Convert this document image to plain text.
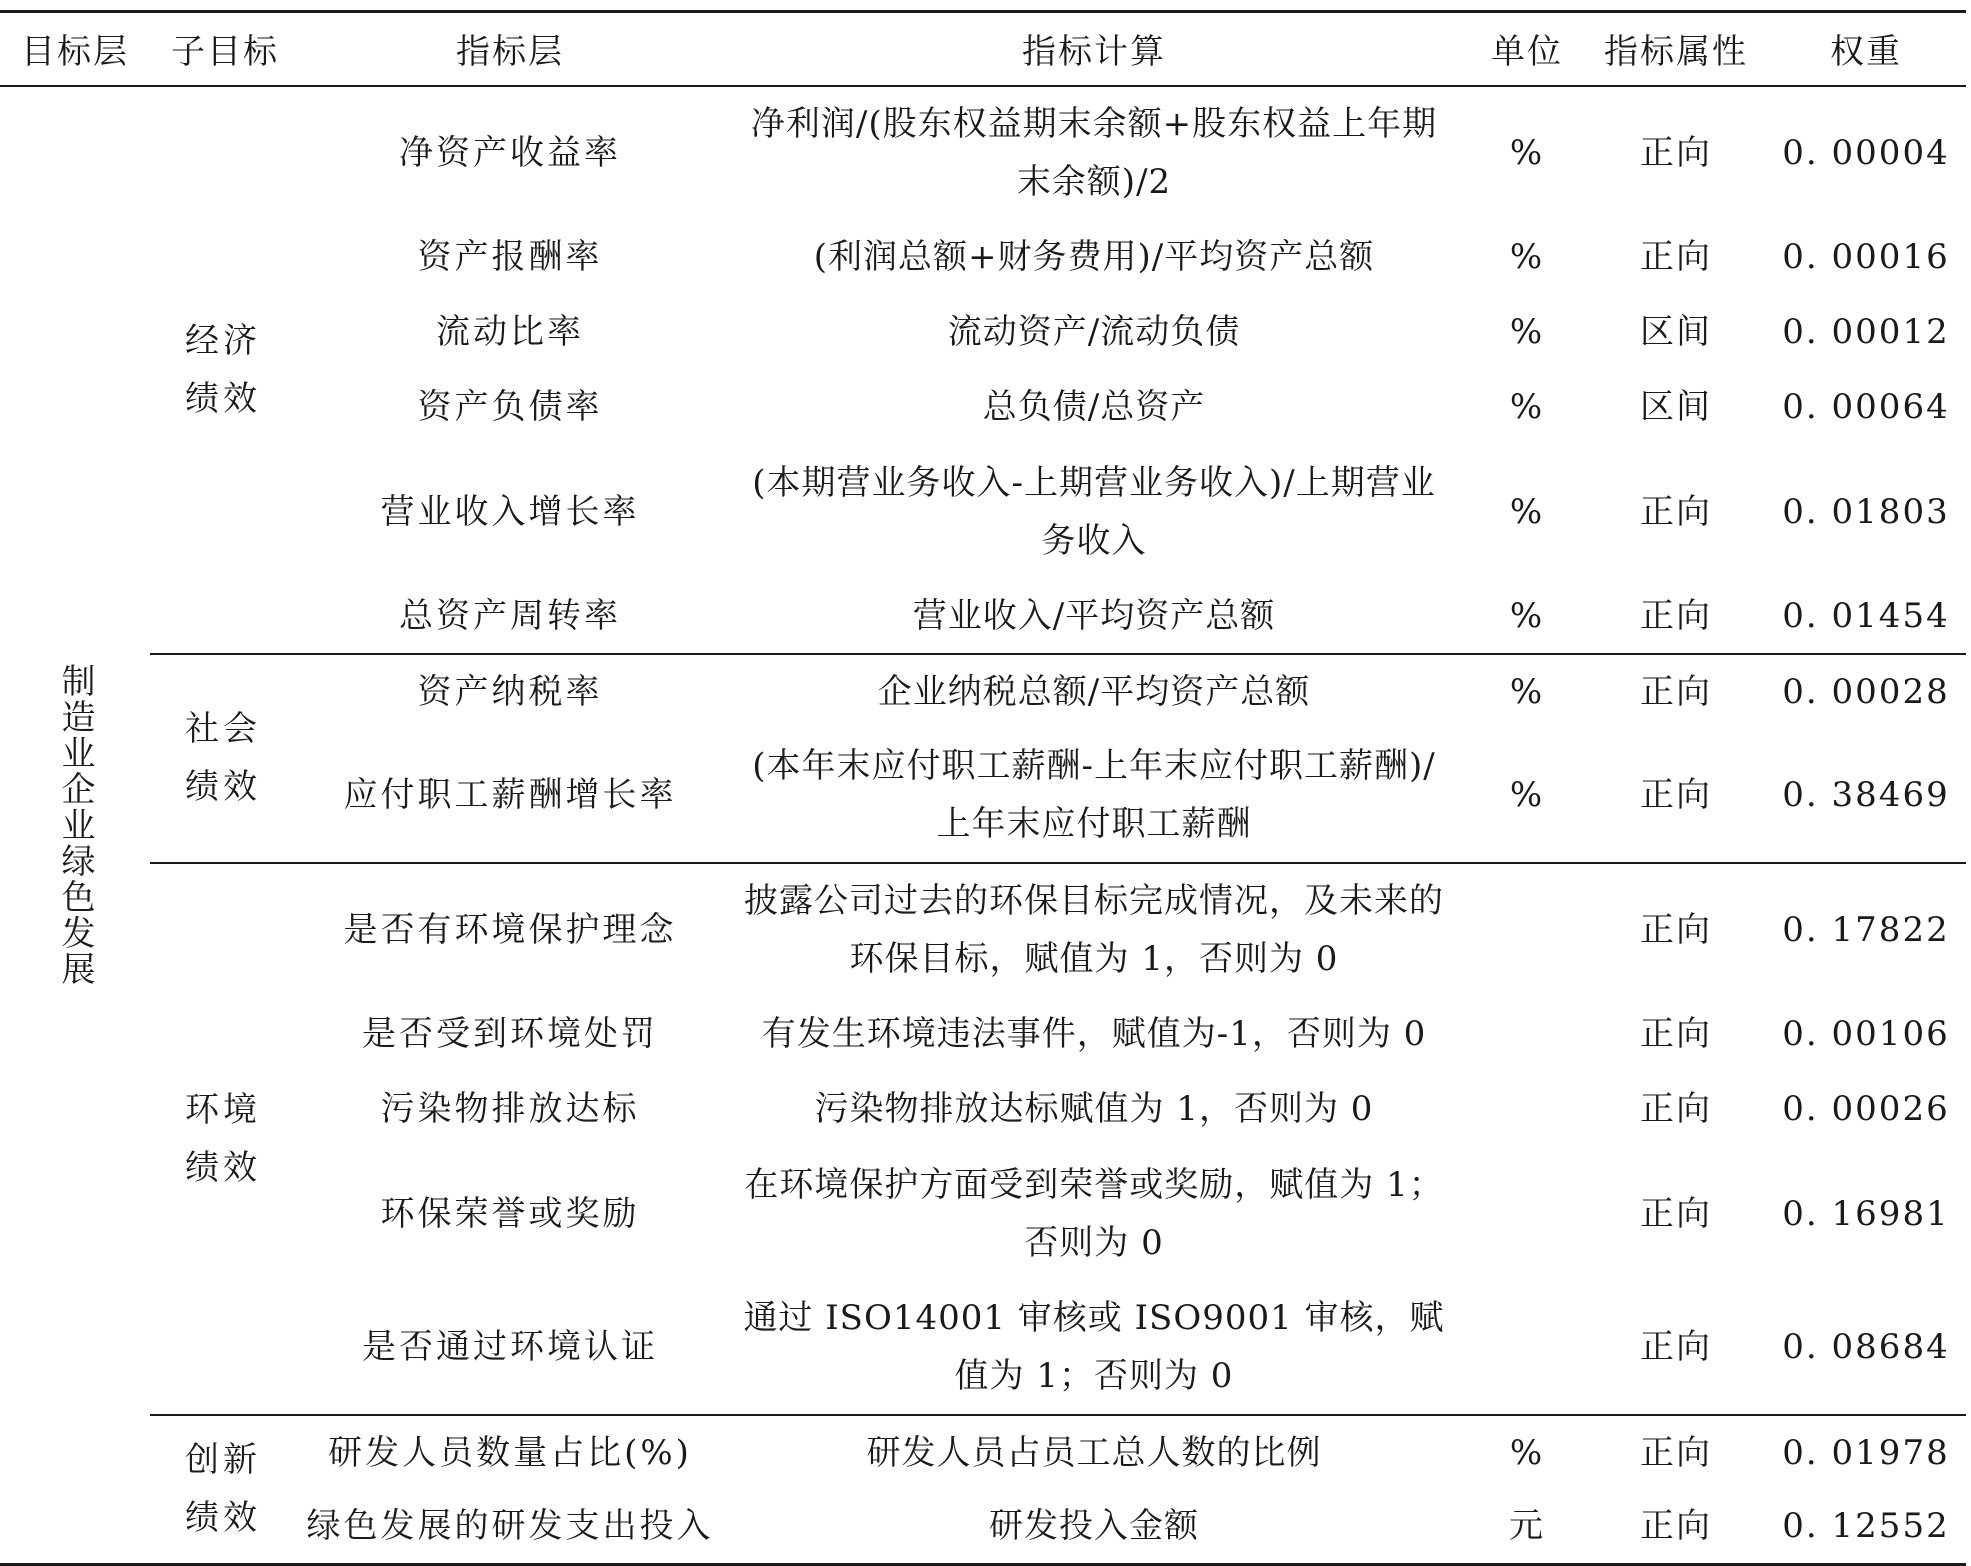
目标层	子目标	指标层	指标计算	单位	指标属性	权重
制造业企业绿色发展	经济绩效	净资产收益率	净利润/(股东权益期末余额+股东权益上年期末余额)/2	%	正向	0. 00004
		资产报酬率	(利润总额+财务费用)/平均资产总额	%	正向	0. 00016
		流动比率	流动资产/流动负债	%	区间	0. 00012
		资产负债率	总负债/总资产	%	区间	0. 00064
		营业收入增长率	(本期营业务收入-上期营业务收入)/上期营业务收入	%	正向	0. 01803
		总资产周转率	营业收入/平均资产总额	%	正向	0. 01454
	社会绩效	资产纳税率	企业纳税总额/平均资产总额	%	正向	0. 00028
		应付职工薪酬增长率	(本年末应付职工薪酬-上年末应付职工薪酬)/上年末应付职工薪酬	%	正向	0. 38469
	环境绩效	是否有环境保护理念	披露公司过去的环保目标完成情况，及未来的环保目标，赋值为 1，否则为 0		正向	0. 17822
		是否受到环境处罚	有发生环境违法事件，赋值为-1，否则为 0		正向	0. 00106
		污染物排放达标	污染物排放达标赋值为 1，否则为 0		正向	0. 00026
		环保荣誉或奖励	在环境保护方面受到荣誉或奖励，赋值为 1；否则为 0		正向	0. 16981
		是否通过环境认证	通过 ISO14001 审核或 ISO9001 审核，赋值为 1；否则为 0		正向	0. 08684
	创新绩效	研发人员数量占比(%)	研发人员占员工总人数的比例	%	正向	0. 01978
		绿色发展的研发支出投入	研发投入金额	元	正向	0. 12552
